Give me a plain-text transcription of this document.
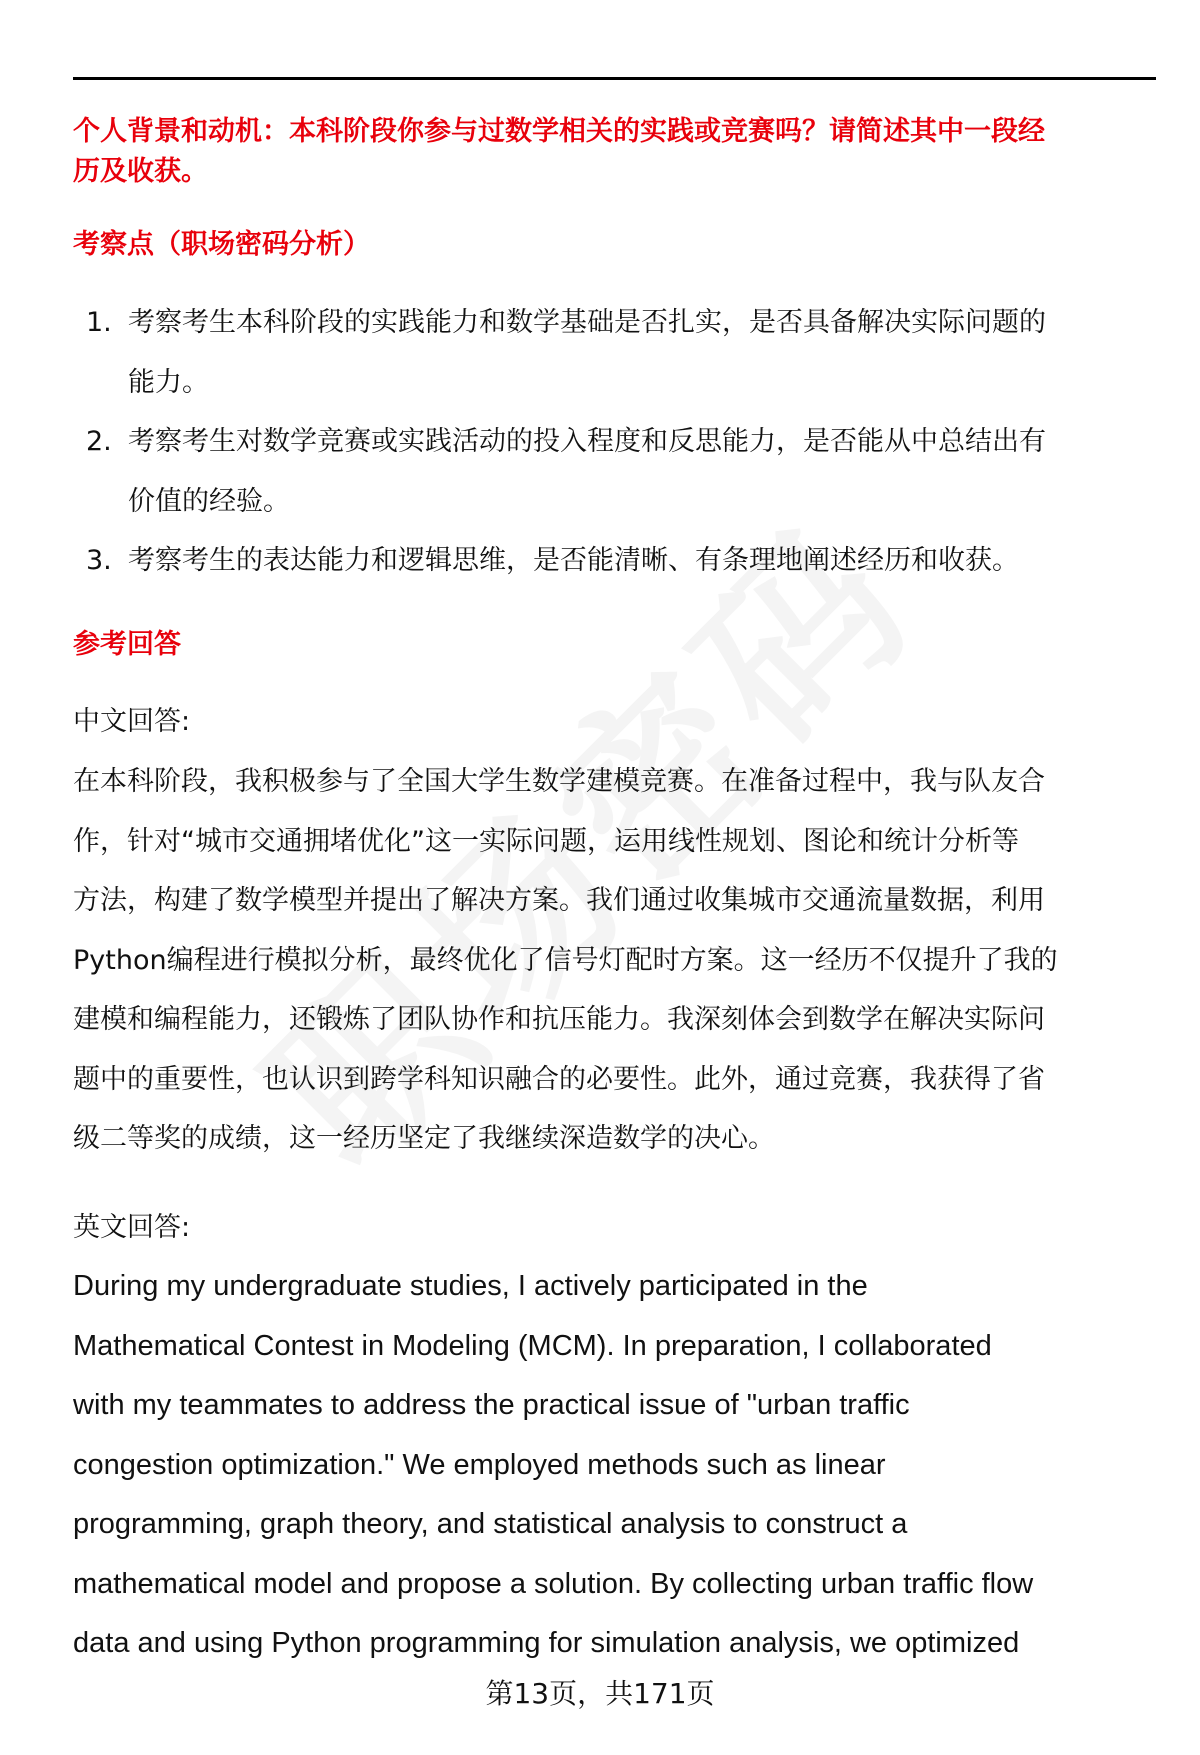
个人背景和动机：本科阶段你参与过数学相关的实践或竞赛吗？请简述其中一段经
历及收获。
考察点（职场密码分析）
1. 考察考生本科阶段的实践能力和数学基础是否扎实，是否具备解决实际问题的
能力。
2. 考察考生对数学竞赛或实践活动的投入程度和反思能力，是否能从中总结出有
价值的经验。
3. 考察考生的表达能力和逻辑思维，是否能清晰、有条理地阐述经历和收获。
参考回答
中文回答:
在本科阶段，我积极参与了全国大学生数学建模竞赛。在准备过程中，我与队友合
作，针对“城市交通拥堵优化”这一实际问题，运用线性规划、图论和统计分析等
方法，构建了数学模型并提出了解决方案。我们通过收集城市交通流量数据，利用
Python编程进行模拟分析，最终优化了信号灯配时方案。这一经历不仅提升了我的
建模和编程能力，还锻炼了团队协作和抗压能力。我深刻体会到数学在解决实际问
题中的重要性，也认识到跨学科知识融合的必要性。此外，通过竞赛，我获得了省
级二等奖的成绩，这一经历坚定了我继续深造数学的决心。
英文回答:
During my undergraduate studies, I actively participated in the
Mathematical Contest in Modeling (MCM). In preparation, I collaborated
with my teammates to address the practical issue of "urban traffic
congestion optimization." We employed methods such as linear
programming, graph theory, and statistical analysis to construct a
mathematical model and propose a solution. By collecting urban traffic flow
data and using Python programming for simulation analysis, we optimized
第13页，共171页
